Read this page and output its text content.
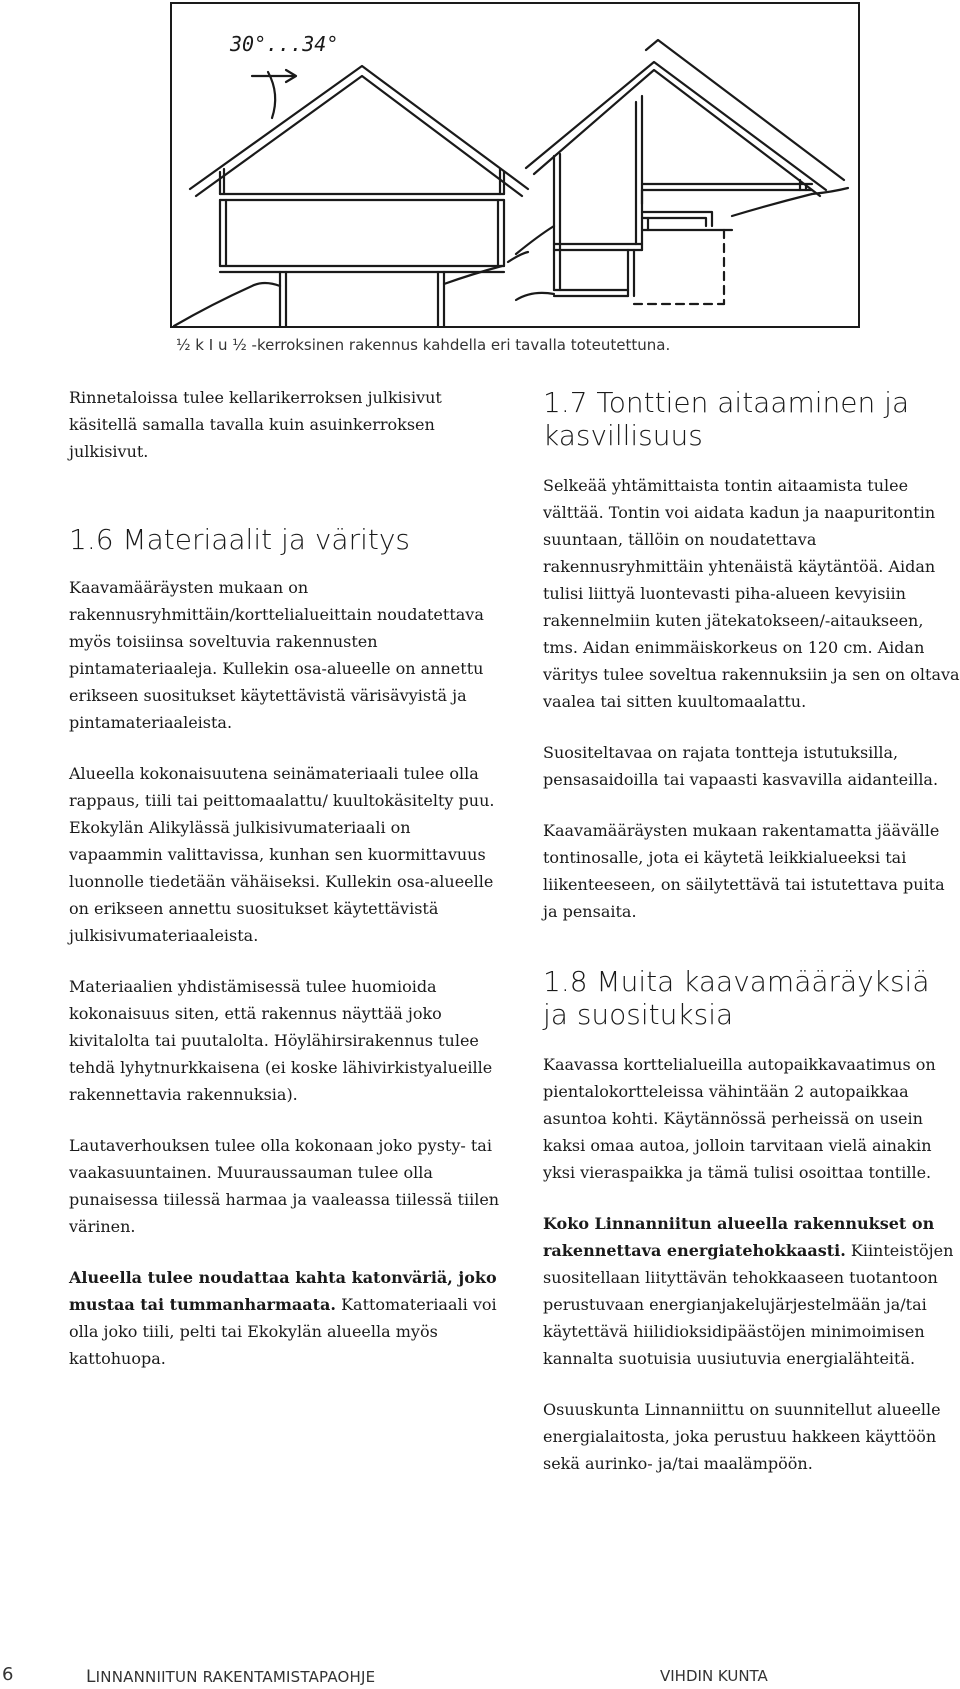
30°...34°
½ k I u ½ -kerroksinen rakennus kahdella eri tavalla toteutettuna.

Rinnetaloissa tulee kellarikerroksen julkisivut käsitellä samalla tavalla kuin asuinkerroksen julkisivut.

1.6 Materiaalit ja väritys

Kaavamääräysten mukaan on rakennusryhmittäin/korttelialueittain noudatettava myös toisiinsa soveltuvia rakennusten pintamateriaaleja. Kullekin osa-alueelle on annettu erikseen suositukset käytettävistä värisävyistä ja pintamateriaaleista.

Alueella kokonaisuutena seinämateriaali tulee olla rappaus, tiili tai peittomaalattu/ kuultokäsitelty puu. Ekokylän Alikylässä julkisivumateriaali on vapaammin valittavissa, kunhan sen kuormittavuus luonnolle tiedetään vähäiseksi. Kullekin osa-alueelle on erikseen annettu suositukset käytettävistä julkisivumateriaaleista.

Materiaalien yhdistämisessä tulee huomioida kokonaisuus siten, että rakennus näyttää joko kivitalolta tai puutalolta. Höylähirsirakennus tulee tehdä lyhytnurkkaisena (ei koske lähivirkistyalueille rakennettavia rakennuksia).

Lautaverhouksen tulee olla kokonaan joko pysty- tai vaakasuuntainen. Muuraussauman tulee olla punaisessa tiilessä harmaa ja vaaleassa tiilessä tiilen värinen.

Alueella tulee noudattaa kahta katonväriä, joko mustaa tai tummanharmaata. Kattomateriaali voi olla joko tiili, pelti tai Ekokylän alueella myös kattohuopa.

1.7 Tonttien aitaaminen ja kasvillisuus

Selkeää yhtämittaista tontin aitaamista tulee välttää. Tontin voi aidata kadun ja naapuritontin suuntaan, tällöin on noudatettava rakennusryhmittäin yhtenäistä käytäntöä. Aidan tulisi liittyä luontevasti piha-alueen kevyisiin rakennelmiin kuten jätekatokseen/-aitaukseen, tms. Aidan enimmäiskorkeus on 120 cm. Aidan väritys tulee soveltua rakennuksiin ja sen on oltava vaalea tai sitten kuultomaalattu.

Suositeltavaa on rajata tontteja istutuksilla, pensasaidoilla tai vapaasti kasvavilla aidanteilla.

Kaavamääräysten mukaan rakentamatta jäävälle tontinosalle, jota ei käytetä leikkialueeksi tai liikenteeseen, on säilytettävä tai istutettava puita ja pensaita.

1.8 Muita kaavamääräyksiä ja suosituksia

Kaavassa korttelialueilla autopaikkavaatimus on pientalokortteleissa vähintään 2 autopaikkaa asuntoa kohti. Käytännössä perheissä on usein kaksi omaa autoa, jolloin tarvitaan vielä ainakin yksi vieraspaikka ja tämä tulisi osoittaa tontille.

Koko Linnanniitun alueella rakennukset on rakennettava energiatehokkaasti. Kiinteistöjen suositellaan liityttävän tehokkaaseen tuotantoon perustuvaan energianjakelujärjestelmään ja/tai käytettävä hiilidioksidipäästöjen minimoimisen kannalta suotuisia uusiutuvia energialähteitä.

Osuuskunta Linnanniittu on suunnitellut alueelle energialaitosta, joka perustuu hakkeen käyttöön sekä aurinko- ja/tai maalämpöön.

6	LINNANNIITUN RAKENTAMISTAPAOHJE	VIHDIN KUNTA
